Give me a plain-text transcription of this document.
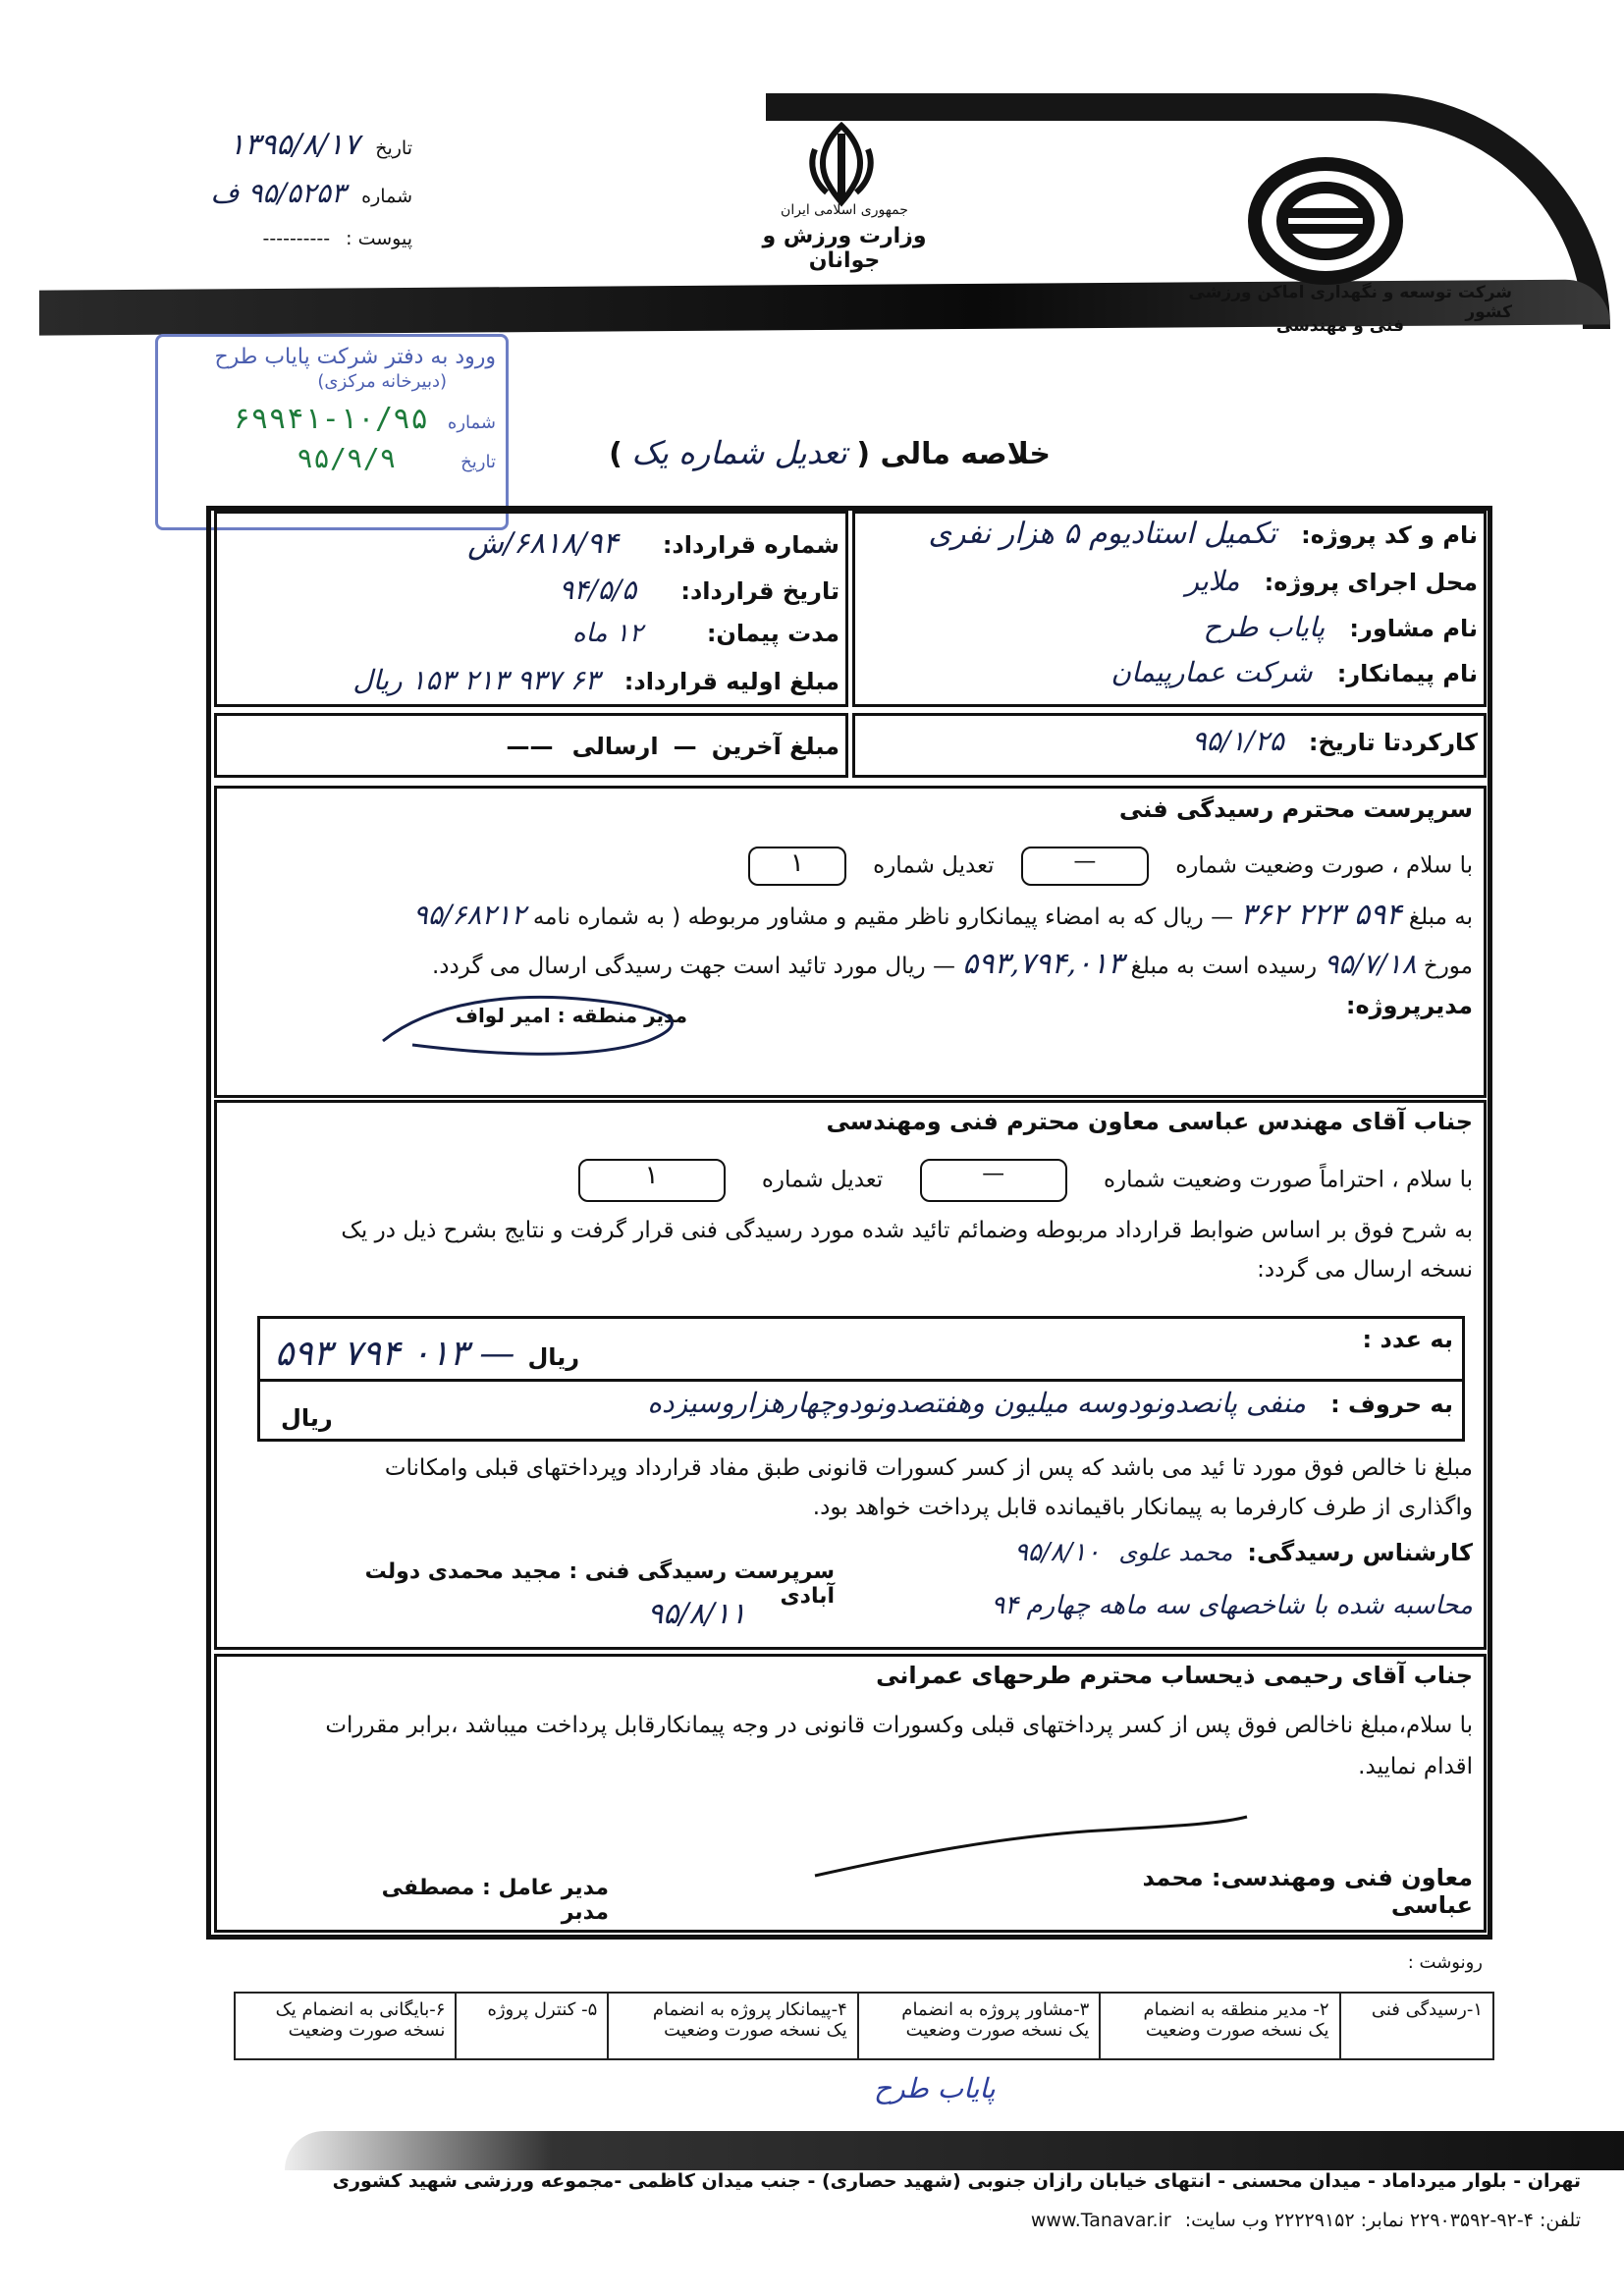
تاریخ ۱۳۹۵/۸/۱۷
شماره ۹۵/۵۲۵۳ ف
پیوست : ----------
جمهوری اسلامی ایران
وزارت ورزش و جوانان
شرکت توسعه و نگهداری اماکن ورزشی کشور
فنی و مهندسی
ورود به دفتر شرکت پایاب طرح
(دبیرخانه مرکزی)
شماره ۱۰/۹۵-۶۹۹۴۱
تاریخ ۹۵/۹/۹	خلاصه مالی ( تعدیل شماره یک )
نام و کد پروژه: تکمیل استادیوم ۵ هزار نفری
محل اجرای پروژه: ملایر
نام مشاور: پایاب طرح
نام پیمانکار: شرکت عمارپیمان
شماره قرارداد: ۶۸۱۸/۹۴/ش
تاریخ قرارداد: ۹۴/۵/۵
مدت پیمان: ۱۲ ماه
مبلغ اولیه قرارداد: ۶۳ ۹۳۷ ۲۱۳ ۱۵۳ ریال
کارکردتا تاریخ: ۹۵/۱/۲۵
مبلغ آخرین — ارسالی ——
سرپرست محترم رسیدگی فنی
با سلام ، صورت وضعیت شماره — تعدیل شماره ۱
به مبلغ ۵۹۴ ۲۲۳ ۳۶۲ — ریال که به امضاء پیمانکارو ناظر مقیم و مشاور مربوطه ( به شماره نامه ۹۵/۶۸۲۱۲
مورخ ۹۵/۷/۱۸ رسیده است به مبلغ ۵۹۳,۷۹۴,۰۱۳ — ریال مورد تائید است جهت رسیدگی ارسال می گردد.
مدیرپروژه:
مدیر منطقه : امیر لواف
جناب آقای مهندس عباسی معاون محترم فنی ومهندسی
با سلام ، احتراماً صورت وضعیت شماره — تعدیل شماره ۱
به شرح فوق بر اساس ضوابط قرارداد مربوطه وضمائم تائید شده مورد رسیدگی فنی قرار گرفت و نتایج بشرح ذیل در یک
نسخه ارسال می گردد:
به عدد :
۵۹۳ ۷۹۴ ۰۱۳ — ریال
به حروف : منفی پانصدونودوسه میلیون وهفتصدونودوچهارهزاروسیزده
ریال
مبلغ نا خالص فوق مورد تا ئید می باشد که پس از کسر کسورات قانونی طبق مفاد قرارداد وپرداختهای قبلی وامکانات
واگذاری از طرف کارفرما به پیمانکار باقیمانده قابل پرداخت خواهد بود.
کارشناس رسیدگی: محمد علوی ۹۵/۸/۱۰
سرپرست رسیدگی فنی : مجید محمدی دولت آبادی
۹۵/۸/۱۱	محاسبه شده با شاخصهای سه ماهه چهارم ۹۴
جناب آقای رحیمی ذیحساب محترم طرحهای عمرانی
با سلام،مبلغ ناخالص فوق پس از کسر پرداختهای قبلی وکسورات قانونی در وجه پیمانکارقابل پرداخت میباشد ،برابر مقررات
اقدام نمایید.
معاون فنی ومهندسی: محمد عباسی
مدیر عامل : مصطفی مدبر
رونوشت :
۶-بایگانی به انضمام یک
نسخه صورت وضعیت

۵- کنترل پروژه	۴-پیمانکار پروژه به انضمام
یک نسخه صورت وضعیت

۳-مشاور پروژه به انضمام
یک نسخه صورت وضعیت

۲- مدیر منطقه به انضمام
یک نسخه صورت وضعیت

۱-رسیدگی فنی
پایاب طرح
تهران - بلوار میرداماد - میدان محسنی - انتهای خیابان رازان جنوبی (شهید حصاری) - جنب میدان کاظمی -مجموعه ورزشی شهید کشوری
تلفن: ۴-۹۲-۲۲۹۰۳۵۹۲ نمابر: ۲۲۲۲۹۱۵۲ وب سایت: www.Tanavar.ir
